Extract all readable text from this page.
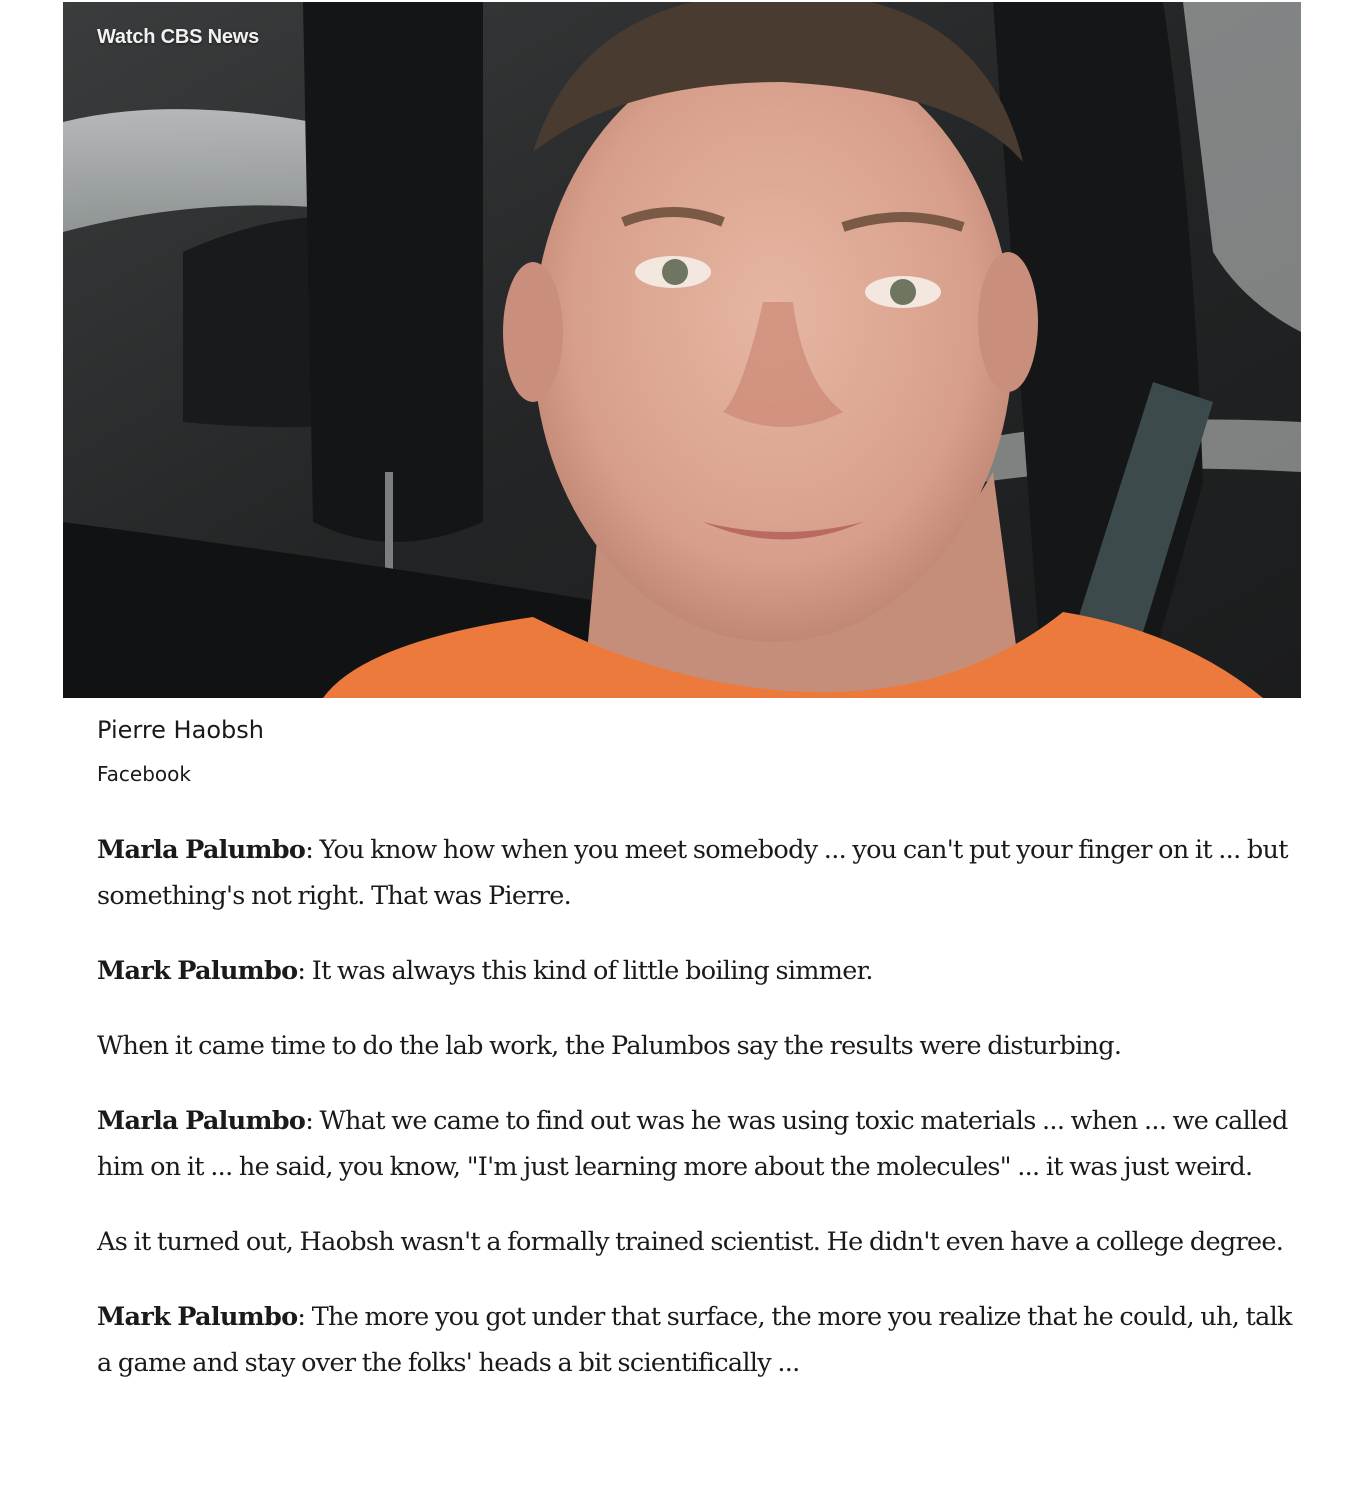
Watch CBS News
Pierre Haobsh
Facebook

Marla Palumbo: You know how when you meet somebody ... you can't put your finger on it ... but something's not right. That was Pierre.

Mark Palumbo: It was always this kind of little boiling simmer.

When it came time to do the lab work, the Palumbos say the results were disturbing.

Marla Palumbo: What we came to find out was he was using toxic materials ... when ... we called him on it ... he said, you know, "I'm just learning more about the molecules" ... it was just weird.

As it turned out, Haobsh wasn't a formally trained scientist. He didn't even have a college degree.

Mark Palumbo: The more you got under that surface, the more you realize that he could, uh, talk a game and stay over the folks' heads a bit scientifically ...
